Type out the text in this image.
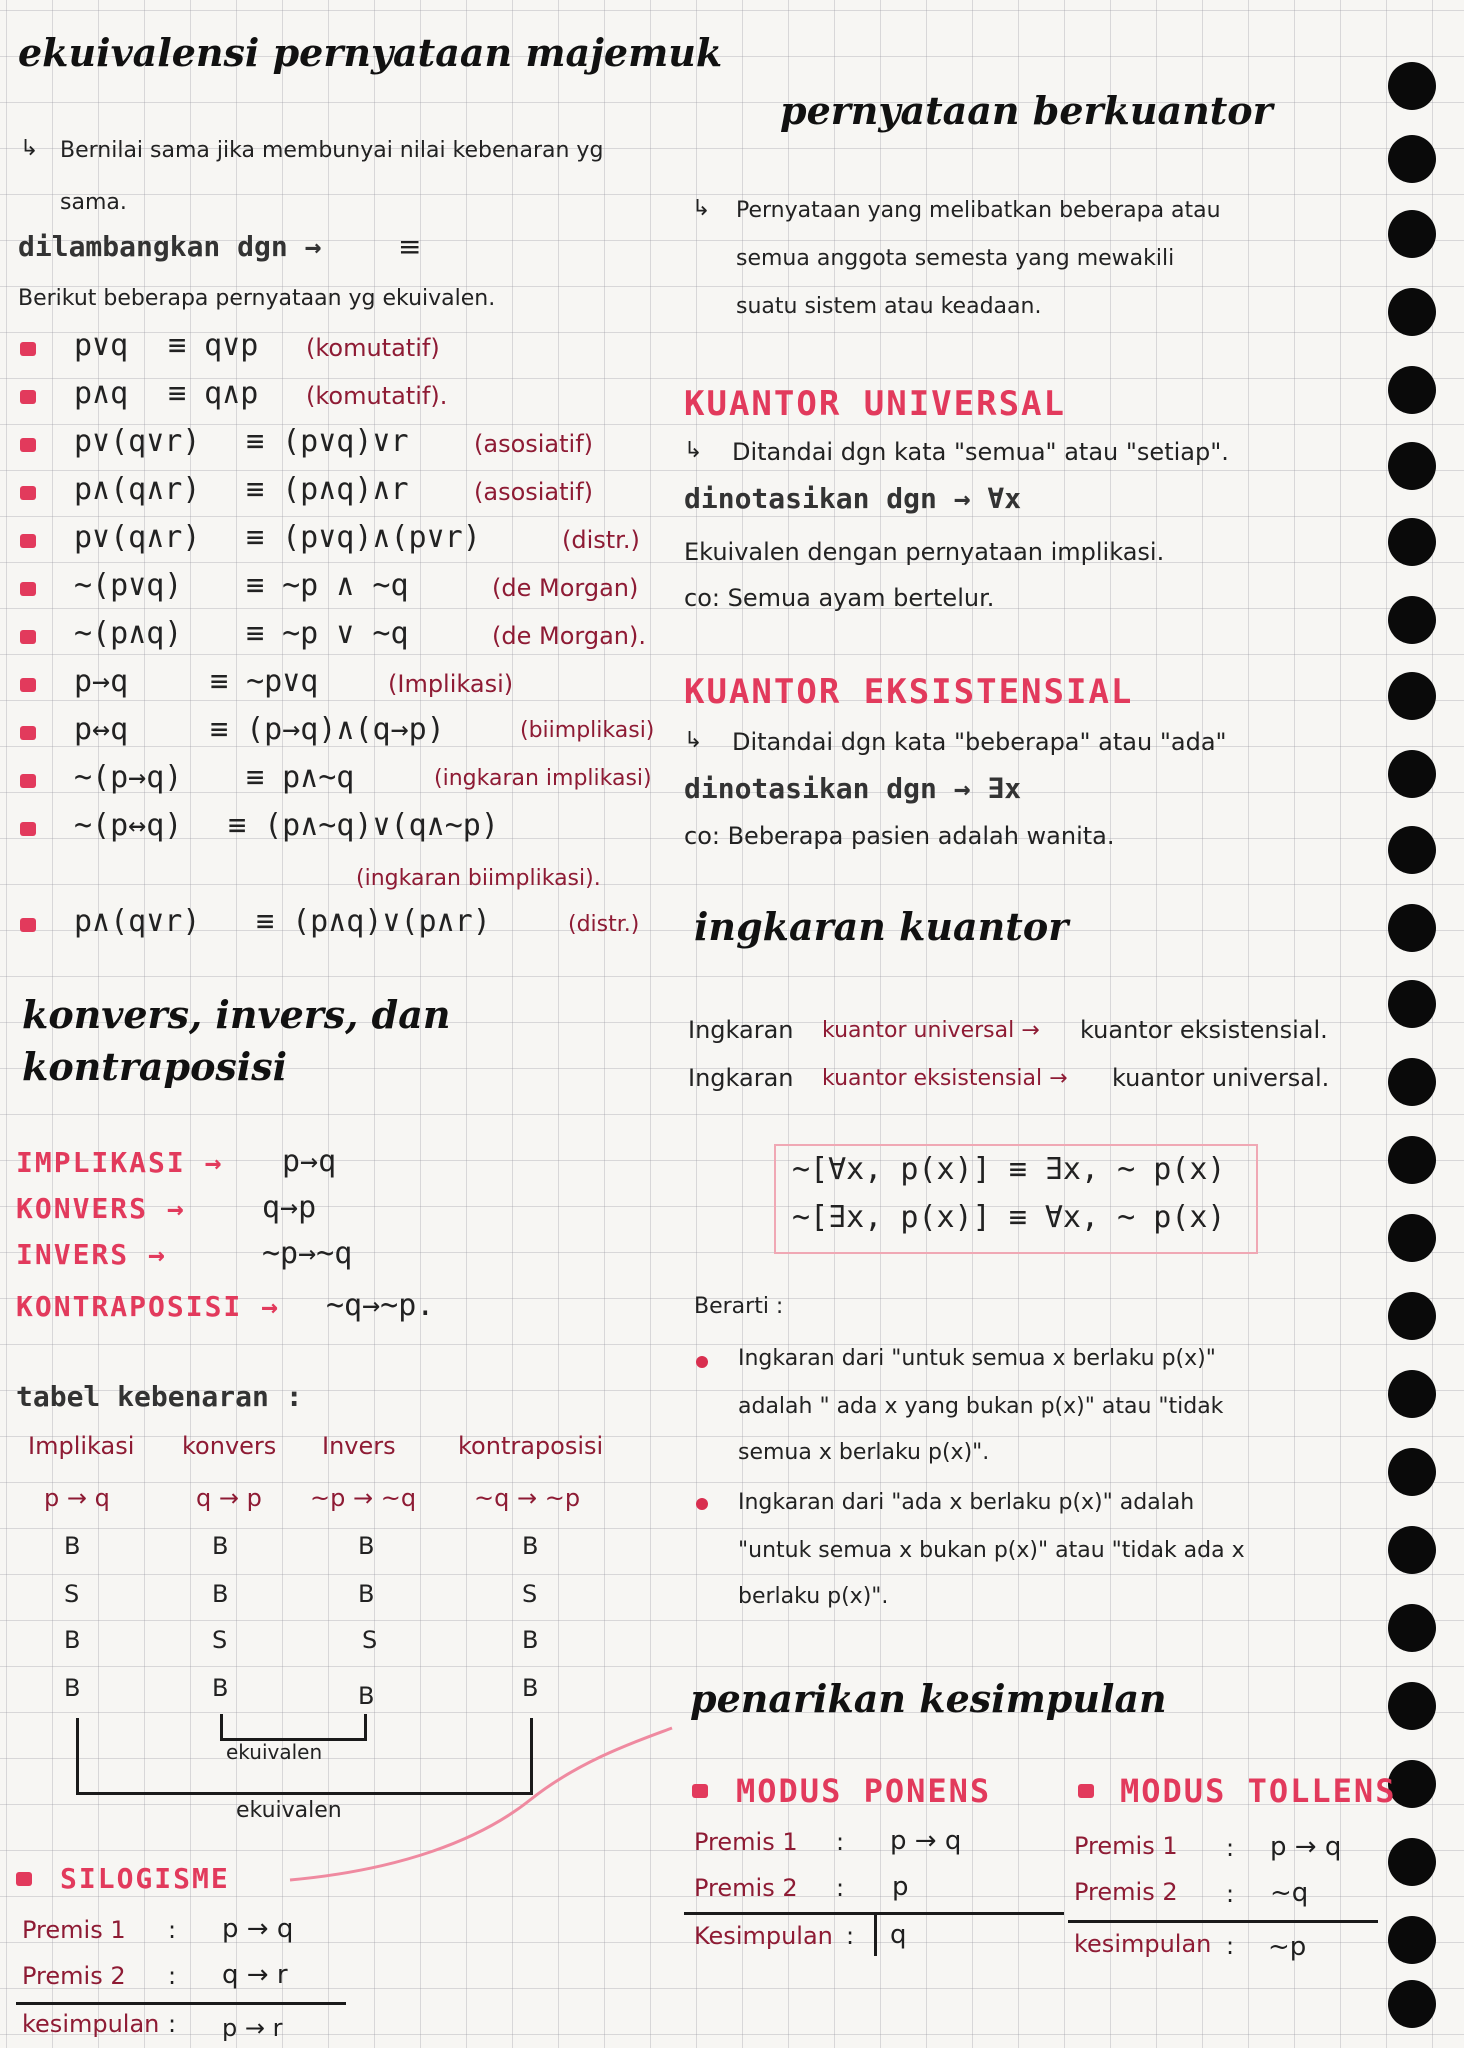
ekuivalensi pernyataan majemuk
↳ Bernilai sama jika membunyai nilai kebenaran yg
sama.
dilambangkan dgn →	≡
Berikut beberapa pernyataan yg ekuivalen.
p∨q ≡ q∨p (komutatif)
p∧q ≡ q∧p (komutatif).
p∨(q∨r) ≡ (p∨q)∨r	(asosiatif)
p∧(q∧r) ≡ (p∧q)∧r	(asosiatif)
p∨(q∧r) ≡ (p∨q)∧(p∨r)	(distr.)
~(p∨q) ≡ ~p ∧ ~q	(de Morgan)
~(p∧q) ≡ ~p ∨ ~q	(de Morgan).
p→q	≡ ~p∨q	(Implikasi)
p↔q	≡ (p→q)∧(q→p)	(biimplikasi)
~(p→q) ≡ p∧~q	(ingkaran implikasi)
~(p↔q) ≡ (p∧~q)∨(q∧~p)
(ingkaran biimplikasi).
p∧(q∨r) ≡ (p∧q)∨(p∧r)	(distr.)
konvers, invers, dan
kontraposisi
IMPLIKASI → p→q
KONVERS →	q→p
INVERS →	~p→~q
KONTRAPOSISI → ~q→~p.
tabel kebenaran :
Implikasi konvers Invers	kontraposisi
p → q	q → p ~p → ~q ~q → ~p
B	B	B	B
S	B	B	S
B	S	S	B
B	B	B	B
ekuivalen
ekuivalen
SILOGISME
Premis 1 : p → q
Premis 2 : q → r
kesimpulan : p → r
pernyataan berkuantor
↳ Pernyataan yang melibatkan beberapa atau
semua anggota semesta yang mewakili
suatu sistem atau keadaan.
KUANTOR UNIVERSAL
↳ Ditandai dgn kata "semua" atau "setiap".
dinotasikan dgn → ∀x
Ekuivalen dengan pernyataan implikasi.
co: Semua ayam bertelur.
KUANTOR EKSISTENSIAL
↳ Ditandai dgn kata "beberapa" atau "ada"
dinotasikan dgn → ∃x
co: Beberapa pasien adalah wanita.
ingkaran kuantor
Ingkaran kuantor universal → kuantor eksistensial.
Ingkaran kuantor eksistensial → kuantor universal.
~[∀x, p(x)] ≡ ∃x, ~ p(x)
~[∃x, p(x)] ≡ ∀x, ~ p(x)
Berarti :
Ingkaran dari "untuk semua x berlaku p(x)"
adalah " ada x yang bukan p(x)" atau "tidak
semua x berlaku p(x)".
Ingkaran dari "ada x berlaku p(x)" adalah
"untuk semua x bukan p(x)" atau "tidak ada x
berlaku p(x)".
penarikan kesimpulan
MODUS PONENS
Premis 1 : p → q
Premis 2 : p
Kesimpulan : q
MODUS TOLLENS
Premis 1 : p → q
Premis 2 : ~q
kesimpulan : ~p
